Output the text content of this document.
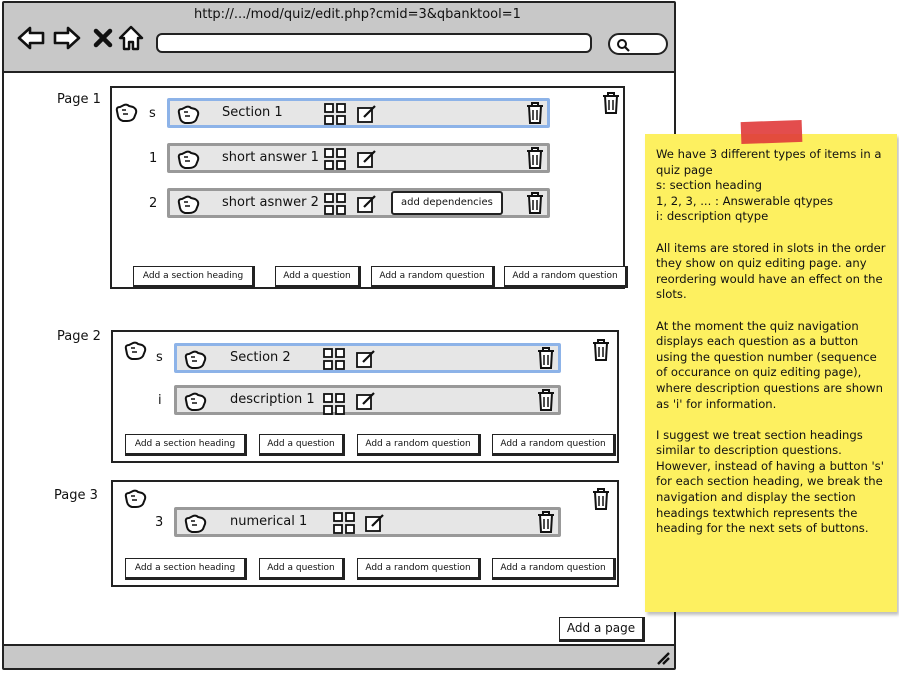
http://.../mod/quiz/edit.php?cmid=3&qbanktool=1
Page 1
s	Section 1
1	short answer 1
2	short asnwer 2	add dependencies
Add a section heading	Add a question	Add a random question	Add a random question
Page 2
s	Section 2
i	description 1
Add a section heading	Add a question	Add a random question	Add a random question
Page 3
3	numerical 1
Add a section heading	Add a question	Add a random question	Add a random question
Add a page

We have 3 different types of items in a quiz page
s: section heading
1, 2, 3, ... : Answerable qtypes
i: description qtype

All items are stored in slots in the order they show on quiz editing page. any reordering would have an effect on the slots.

At the moment the quiz navigation displays each question as a button using the question number (sequence of occurance on quiz editing page), where description questions are shown as 'i' for information.

I suggest we treat section headings similar to description questions. However, instead of having a button 's' for each section heading, we break the navigation and display the section headings textwhich represents the heading for the next sets of buttons.
